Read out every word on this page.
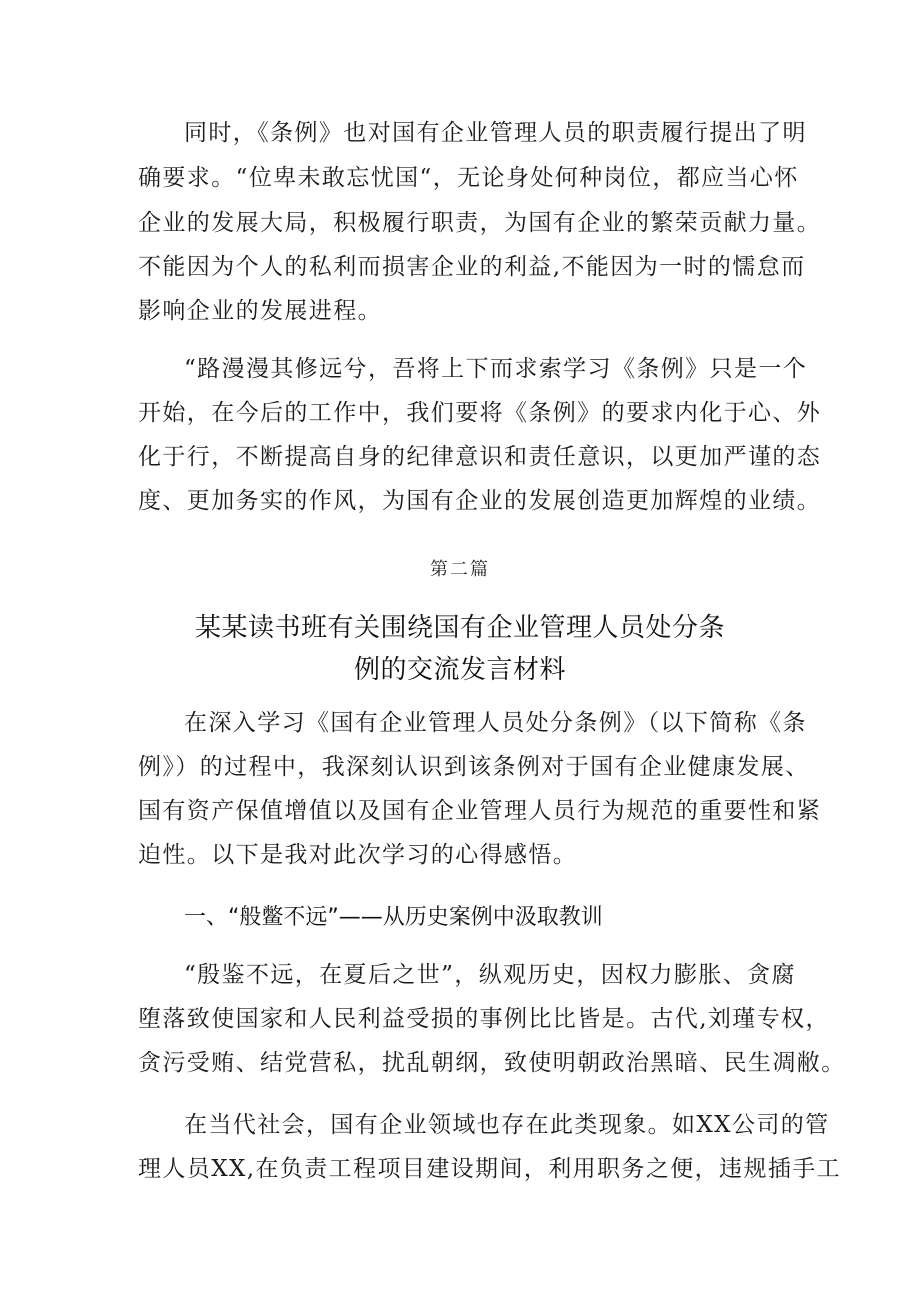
同时，《条例》也对国有企业管理人员的职责履行提出了明
确要求。“位卑未敢忘忧国“，无论身处何种岗位，都应当心怀
企业的发展大局，积极履行职责，为国有企业的繁荣贡献力量。
不能因为个人的私利而损害企业的利益,不能因为一时的懦怠而
影响企业的发展进程。
“路漫漫其修远兮，吾将上下而求索学习《条例》只是一个
开始，在今后的工作中，我们要将《条例》的要求内化于心、外
化于行，不断提高自身的纪律意识和责任意识，以更加严谨的态
度、更加务实的作风，为国有企业的发展创造更加辉煌的业绩。
第二篇
某某读书班有关围绕国有企业管理人员处分条
例的交流发言材料
在深入学习《国有企业管理人员处分条例》（以下简称《条
例》）的过程中，我深刻认识到该条例对于国有企业健康发展、
国有资产保值增值以及国有企业管理人员行为规范的重要性和紧
迫性。以下是我对此次学习的心得感悟。
一、“般鳖不远”——从历史案例中汲取教训
“殷鉴不远，在夏后之世”，纵观历史，因权力膨胀、贪腐
堕落致使国家和人民利益受损的事例比比皆是。古代,刘瑾专权，
贪污受贿、结党营私，扰乱朝纲，致使明朝政治黑暗、民生凋敝。
在当代社会，国有企业领域也存在此类现象。如XX公司的管
理人员XX,在负责工程项目建设期间，利用职务之便，违规插手工
